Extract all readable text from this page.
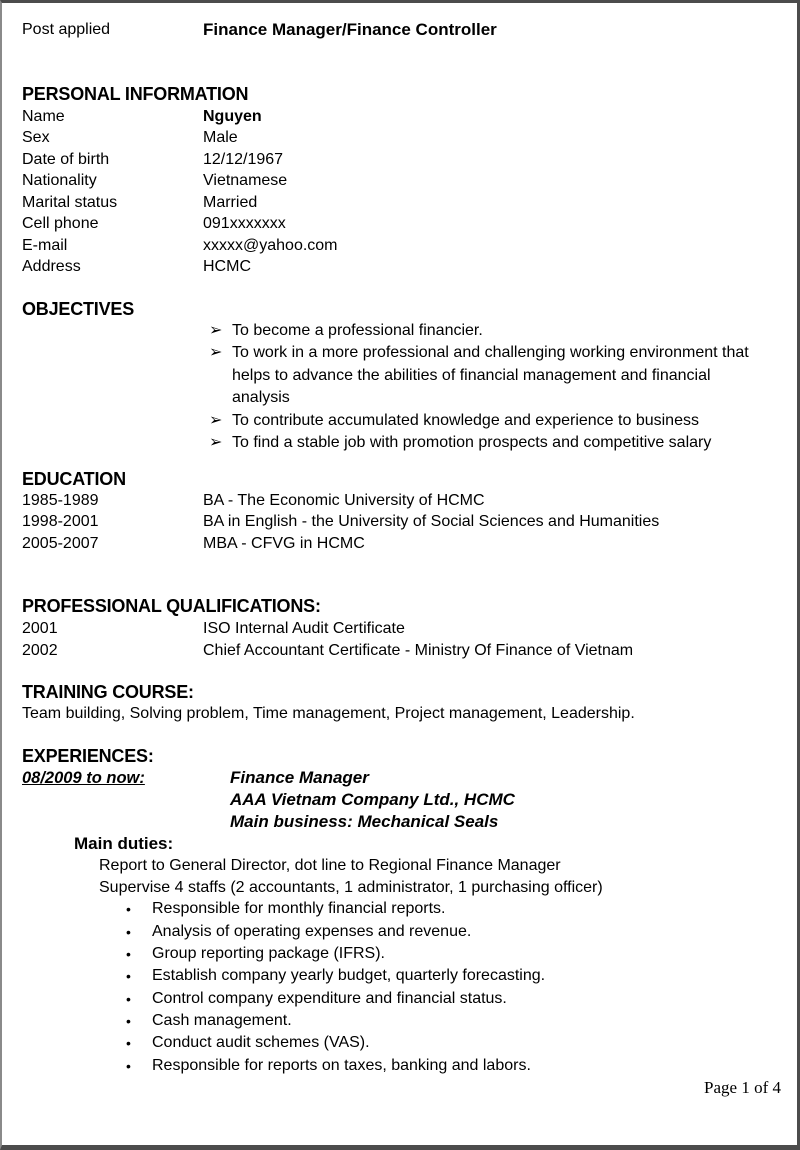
Post applied	Finance Manager/Finance Controller
PERSONAL INFORMATION
Name	Nguyen
Sex	Male
Date of birth	12/12/1967
Nationality	Vietnamese
Marital status	Married
Cell phone	091xxxxxxx
E-mail	xxxxx@yahoo.com
Address	HCMC
OBJECTIVES
➢ To become a professional financier.
➢ To work in a more professional and challenging working environment that helps to advance the abilities of financial management and financial analysis
➢ To contribute accumulated knowledge and experience to business
➢ To find a stable job with promotion prospects and competitive salary
EDUCATION
1985-1989	BA - The Economic University of HCMC
1998-2001	BA in English - the University of Social Sciences and Humanities
2005-2007	MBA - CFVG in HCMC
PROFESSIONAL QUALIFICATIONS:
2001	ISO Internal Audit Certificate
2002	Chief Accountant Certificate - Ministry Of Finance of Vietnam
TRAINING COURSE:

Team building, Solving problem, Time management, Project management, Leadership.

EXPERIENCES:
08/2009 to now:	Finance Manager
AAA Vietnam Company Ltd., HCMC
Main business: Mechanical Seals
Main duties:

Report to General Director, dot line to Regional Finance Manager

Supervise 4 staffs (2 accountants, 1 administrator, 1 purchasing officer)

•	Responsible for monthly financial reports.
•	Analysis of operating expenses and revenue.
•	Group reporting package (IFRS).
•	Establish company yearly budget, quarterly forecasting.
•	Control company expenditure and financial status.
•	Cash management.
•	Conduct audit schemes (VAS).
•	Responsible for reports on taxes, banking and labors.
Page 1 of 4
